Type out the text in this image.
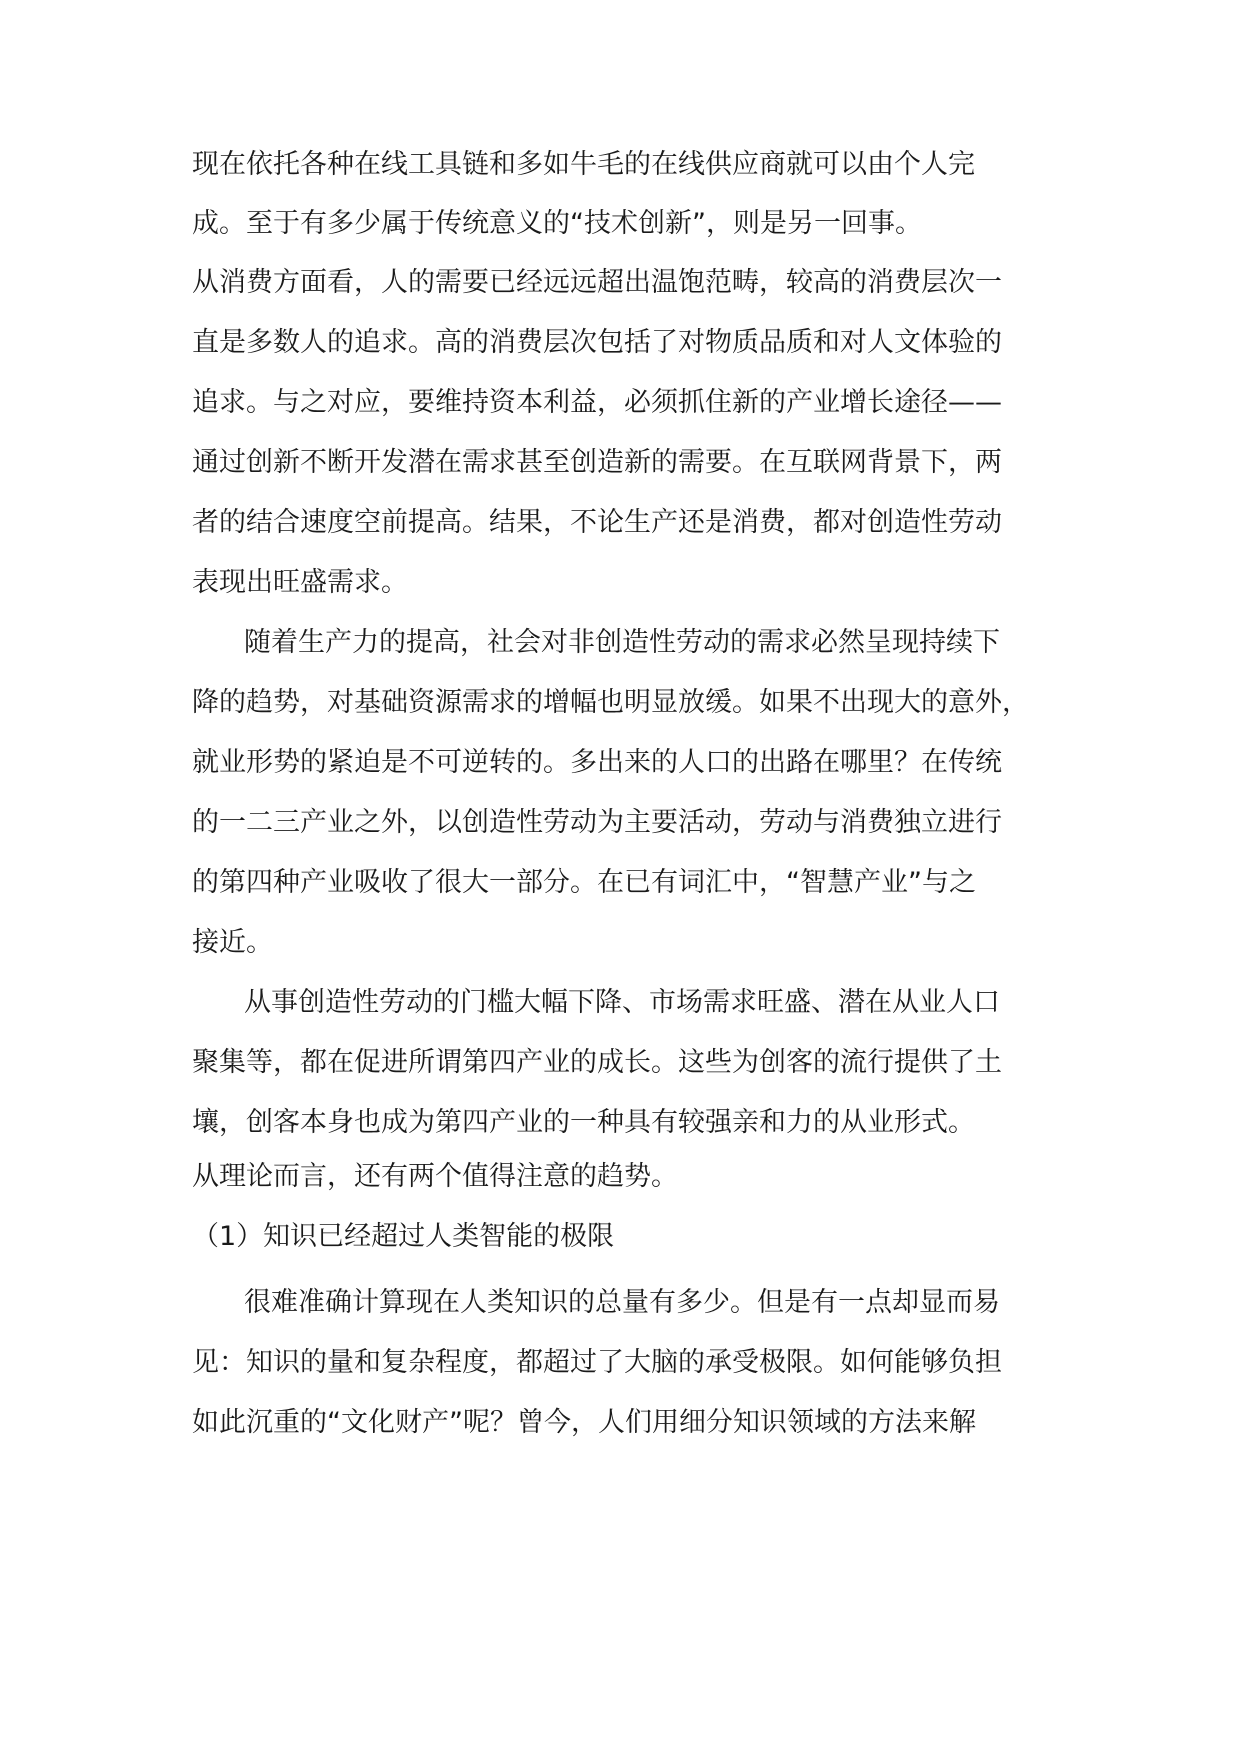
现在依托各种在线工具链和多如牛毛的在线供应商就可以由个人完
成。至于有多少属于传统意义的“技术创新”，则是另一回事。
从消费方面看，人的需要已经远远超出温饱范畴，较高的消费层次一
直是多数人的追求。高的消费层次包括了对物质品质和对人文体验的
追求。与之对应，要维持资本利益，必须抓住新的产业增长途径——
通过创新不断开发潜在需求甚至创造新的需要。在互联网背景下，两
者的结合速度空前提高。结果，不论生产还是消费，都对创造性劳动
表现出旺盛需求。
随着生产力的提高，社会对非创造性劳动的需求必然呈现持续下
降的趋势，对基础资源需求的增幅也明显放缓。如果不出现大的意外，
就业形势的紧迫是不可逆转的。多出来的人口的出路在哪里？在传统
的一二三产业之外，以创造性劳动为主要活动，劳动与消费独立进行
的第四种产业吸收了很大一部分。在已有词汇中，“智慧产业”与之
接近。
从事创造性劳动的门槛大幅下降、市场需求旺盛、潜在从业人口
聚集等，都在促进所谓第四产业的成长。这些为创客的流行提供了土
壤，创客本身也成为第四产业的一种具有较强亲和力的从业形式。
从理论而言，还有两个值得注意的趋势。
（1）知识已经超过人类智能的极限
很难准确计算现在人类知识的总量有多少。但是有一点却显而易
见：知识的量和复杂程度，都超过了大脑的承受极限。如何能够负担
如此沉重的“文化财产”呢？曾今，人们用细分知识领域的方法来解
